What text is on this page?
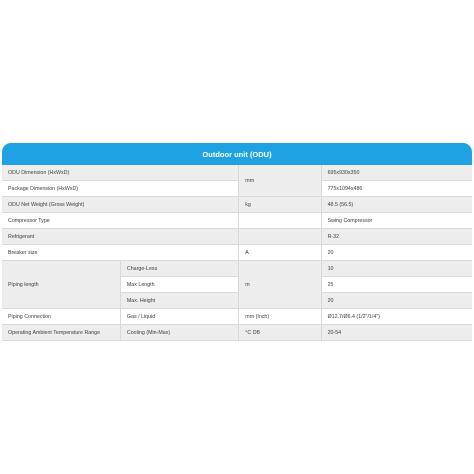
Outdoor unit (ODU)
ODU Dimension (HxWxD)		mm	695x930x350
Package Dimension (HxWxD)			775x1094x486
ODU Net Weight (Gross Weight)		kg	48.5 (56.5)
Compressor Type			Swing Compressor
Refrigerant			R-32
Breaker size		A	20
Piping length	Charge-Less	m	10
	Max Length		25
	Max. Height		20
Piping Connection	Gas / Liquid	mm (Inch)	Ø12.7/Ø6.4 (1/2"/1/4")
Operating Ambient Temperature Range	Cooling (Min-Max)	°C DB	20-54
